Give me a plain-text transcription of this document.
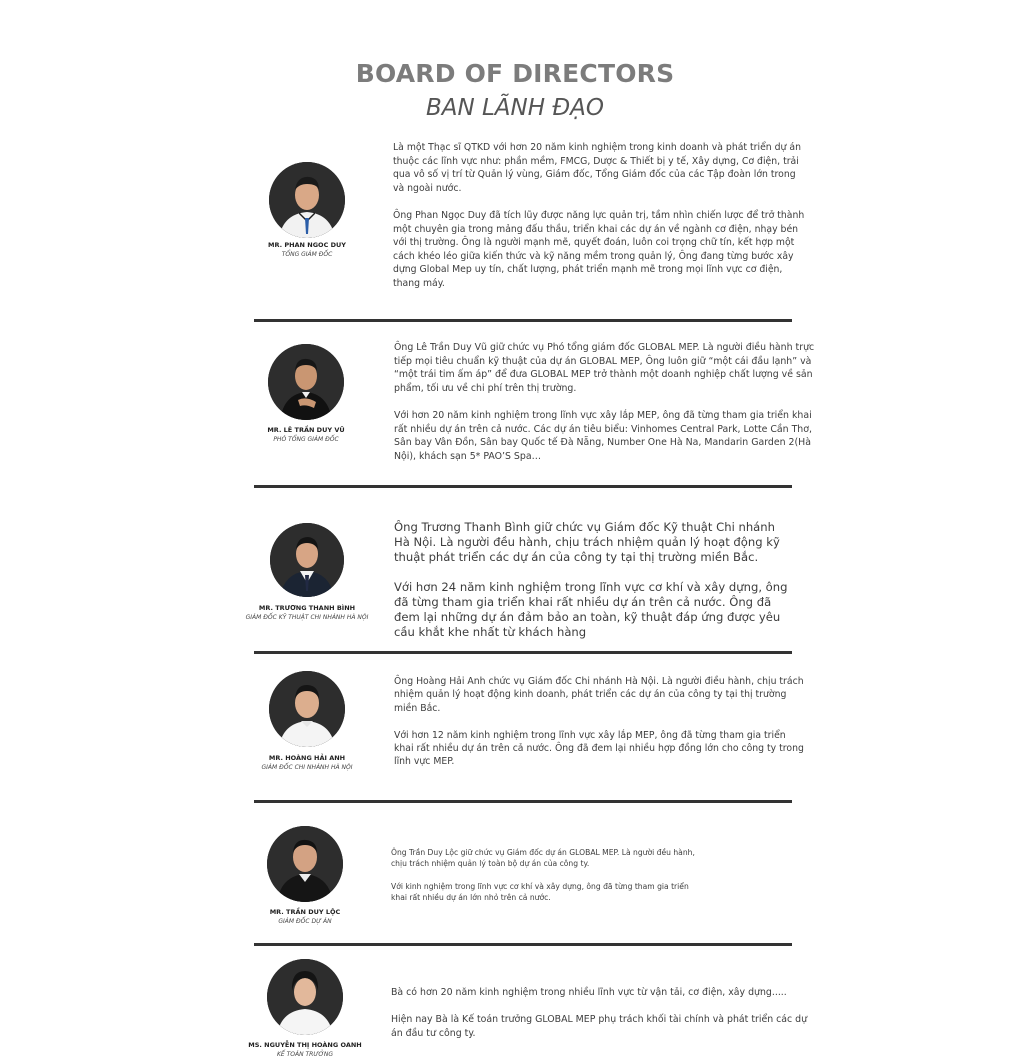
BOARD OF DIRECTORS
BAN LÃNH ĐẠO
MR. PHAN NGOC DUY
TỔNG GIÁM ĐỐC

Là một Thạc sĩ QTKD với hơn 20 năm kinh nghiệm trong kinh doanh và phát triển dự án thuộc các lĩnh vực như: phần mềm, FMCG, Dược & Thiết bị y tế, Xây dựng, Cơ điện, trải qua vô số vị trí từ Quản lý vùng, Giám đốc, Tổng Giám đốc của các Tập đoàn lớn trong và ngoài nước.

Ông Phan Ngọc Duy đã tích lũy được năng lực quản trị, tầm nhìn chiến lược để trở thành một chuyên gia trong mảng đấu thầu, triển khai các dự án về ngành cơ điện, nhạy bén với thị trường. Ông là người mạnh mẽ, quyết đoán, luôn coi trọng chữ tín, kết hợp một cách khéo léo giữa kiến thức và kỹ năng mềm trong quản lý, Ông đang từng bước xây dựng Global Mep uy tín, chất lượng, phát triển mạnh mẽ trong mọi lĩnh vực cơ điện, thang máy.

MR. LÊ TRẦN DUY VŨ
PHÓ TỔNG GIÁM ĐỐC

Ông Lê Trần Duy Vũ giữ chức vụ Phó tổng giám đốc GLOBAL MEP. Là người điều hành trực tiếp mọi tiêu chuẩn kỹ thuật của dự án GLOBAL MEP, Ông luôn giữ “một cái đầu lạnh” và “một trái tim ấm áp” để đưa GLOBAL MEP trở thành một doanh nghiệp chất lượng về sản phẩm, tối ưu về chi phí trên thị trường.

Với hơn 20 năm kinh nghiệm trong lĩnh vực xây lắp MEP, ông đã từng tham gia triển khai rất nhiều dự án trên cả nước. Các dự án tiêu biểu: Vinhomes Central Park, Lotte Cần Thơ, Sân bay Vân Đồn, Sân bay Quốc tế Đà Nẵng, Number One Hà Na, Mandarin Garden 2(Hà Nội), khách sạn 5* PAO’S Spa…

MR. TRƯƠNG THANH BÌNH
GIÁM ĐỐC KỸ THUẬT CHI NHÁNH HÀ NỘI

Ông Trương Thanh Bình giữ chức vụ Giám đốc Kỹ thuật Chi nhánh Hà Nội. Là người đều hành, chịu trách nhiệm quản lý hoạt động kỹ thuật phát triển các dự án của công ty tại thị trường miền Bắc.

Với hơn 24 năm kinh nghiệm trong lĩnh vực cơ khí và xây dựng, ông đã từng tham gia triển khai rất nhiều dự án trên cả nước. Ông đã đem lại những dự án đảm bảo an toàn, kỹ thuật đáp ứng được yêu cầu khắt khe nhất từ khách hàng

MR. HOÀNG HẢI ANH
GIÁM ĐỐC CHI NHÁNH HÀ NỘI

Ông Hoàng Hải Anh chức vụ Giám đốc Chi nhánh Hà Nội. Là người điều hành, chịu trách nhiệm quản lý hoạt động kinh doanh, phát triển các dự án của công ty tại thị trường miền Bắc.

Với hơn 12 năm kinh nghiệm trong lĩnh vực xây lắp MEP, ông đã từng tham gia triển khai rất nhiều dự án trên cả nước. Ông đã đem lại nhiều hợp đồng lớn cho công ty trong lĩnh vực MEP.

MR. TRẦN DUY LỘC
GIÁM ĐỐC DỰ ÁN

Ông Trần Duy Lộc giữ chức vụ Giám đốc dự án GLOBAL MEP. Là người đều hành, chịu trách nhiệm quản lý toàn bộ dự án của công ty.

Với kinh nghiệm trong lĩnh vực cơ khí và xây dựng, ông đã từng tham gia triển khai rất nhiều dự án lớn nhỏ trên cả nước.

MS. NGUYỄN THỊ HOÀNG OANH
KẾ TOÁN TRƯỞNG

Bà có hơn 20 năm kinh nghiệm trong nhiều lĩnh vực từ vận tải, cơ điện, xây dựng.....

Hiện nay Bà là Kế toán trưởng GLOBAL MEP phụ trách khối tài chính và phát triển các dự án đầu tư công ty.
